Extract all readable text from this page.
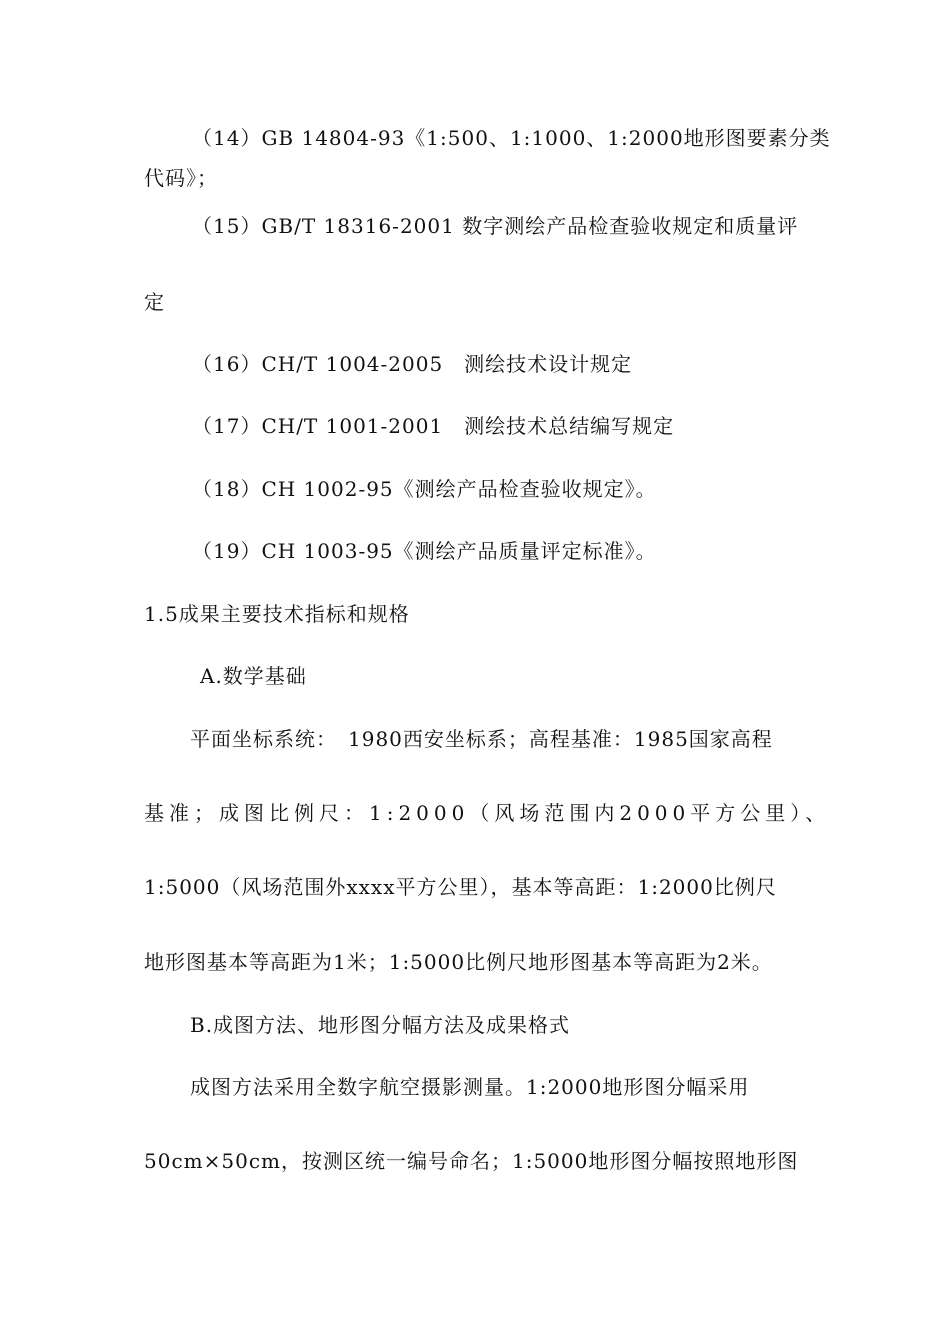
（14）GB 14804-93《1:500、1:1000、1:2000地形图要素分类
代码》；
（15）GB/T 18316-2001 数字测绘产品检查验收规定和质量评
定
（16）CH/T 1004-2005　测绘技术设计规定
（17）CH/T 1001-2001　测绘技术总结编写规定
（18）CH 1002-95《测绘产品检查验收规定》。
（19）CH 1003-95《测绘产品质量评定标准》。
1.5成果主要技术指标和规格
A.数学基础
平面坐标系统：　1980西安坐标系；高程基准：1985国家高程
基准；成图比例尺：1:2000（风场范围内2000平方公里）、
1:5000（风场范围外xxxx平方公里），基本等高距：1:2000比例尺
地形图基本等高距为1米；1:5000比例尺地形图基本等高距为2米。
B.成图方法、地形图分幅方法及成果格式
成图方法采用全数字航空摄影测量。1:2000地形图分幅采用
50cm×50cm，按测区统一编号命名；1:5000地形图分幅按照地形图
